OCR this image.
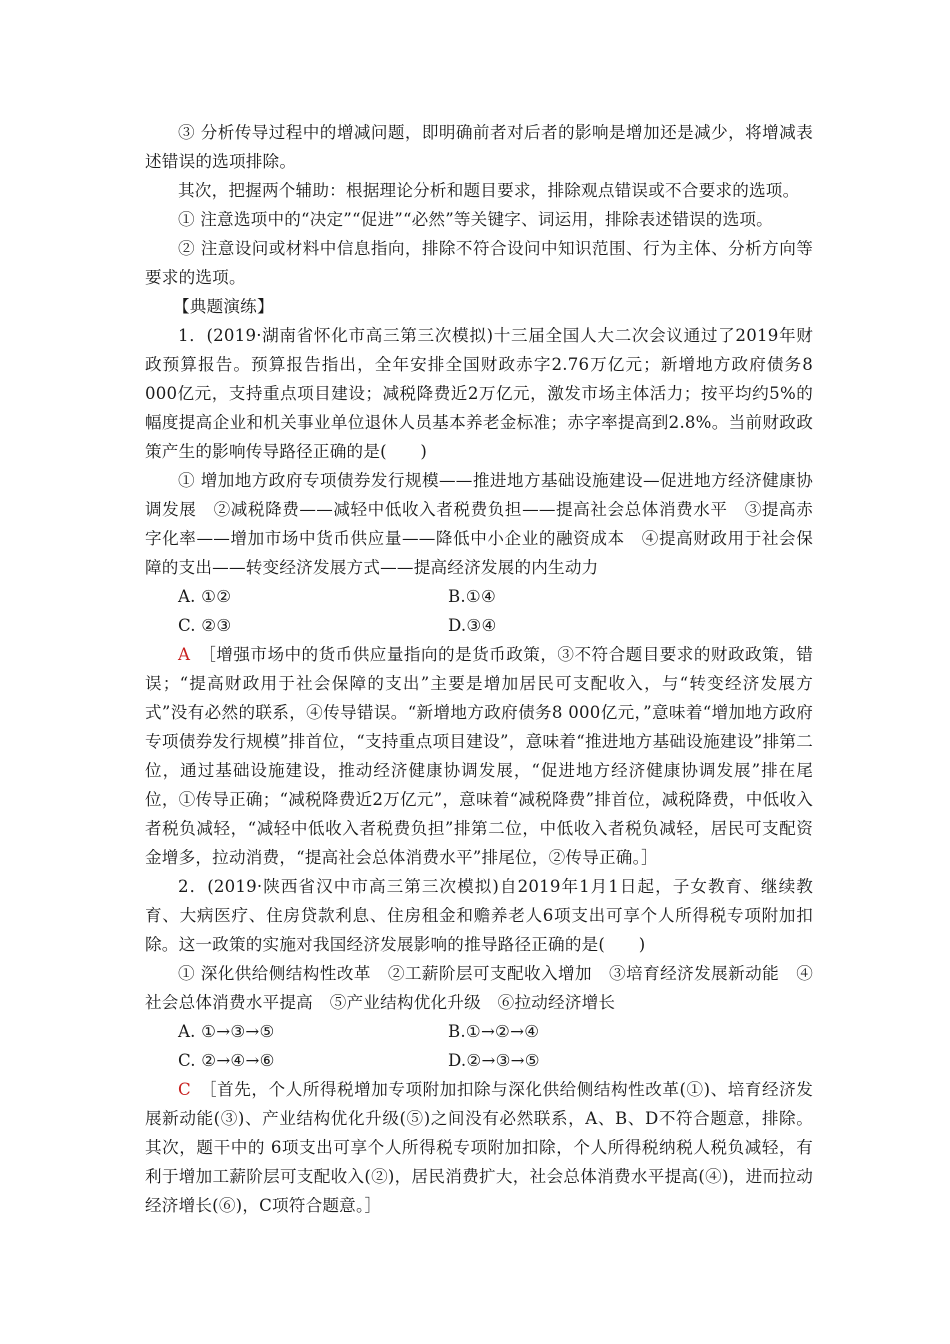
③ 分析传导过程中的增减问题，即明确前者对后者的影响是增加还是减少，将增减表述错误的选项排除。

其次，把握两个辅助：根据理论分析和题目要求，排除观点错误或不合要求的选项。

① 注意选项中的“决定”“促进”“必然”等关键字、词运用，排除表述错误的选项。

② 注意设问或材料中信息指向，排除不符合设问中知识范围、行为主体、分析方向等要求的选项。

【典题演练】

1．(2019·湖南省怀化市高三第三次模拟)十三届全国人大二次会议通过了2019年财政预算报告。预算报告指出，全年安排全国财政赤字2.76万亿元；新增地方政府债务8 000亿元，支持重点项目建设；减税降费近2万亿元，激发市场主体活力；按平均约5%的幅度提高企业和机关事业单位退休人员基本养老金标准；赤字率提高到2.8%。当前财政政策产生的影响传导路径正确的是(　　)

① 增加地方政府专项债券发行规模——推进地方基础设施建设—促进地方经济健康协调发展　②减税降费——减轻中低收入者税费负担——提高社会总体消费水平　③提高赤字化率——增加市场中货币供应量——降低中小企业的融资成本　④提高财政用于社会保障的支出——转变经济发展方式——提高经济发展的内生动力

A. ①②	B.①④
C. ②③	D.③④

A　 ［增强市场中的货币供应量指向的是货币政策，③不符合题目要求的财政政策，错误；“提高财政用于社会保障的支出”主要是增加居民可支配收入，与“转变经济发展方式”没有必然的联系，④传导错误。“新增地方政府债务8 000亿元，”意味着“增加地方政府专项债券发行规模”排首位，“支持重点项目建设”，意味着“推进地方基础设施建设”排第二位，通过基础设施建设，推动经济健康协调发展，“促进地方经济健康协调发展”排在尾位，①传导正确；“减税降费近2万亿元”，意味着“减税降费”排首位，减税降费，中低收入者税负减轻，“减轻中低收入者税费负担”排第二位，中低收入者税负减轻，居民可支配资金增多，拉动消费，“提高社会总体消费水平”排尾位，②传导正确。］

2．(2019·陕西省汉中市高三第三次模拟)自2019年1月1日起，子女教育、继续教育、大病医疗、住房贷款利息、住房租金和赡养老人6项支出可享个人所得税专项附加扣除。这一政策的实施对我国经济发展影响的推导路径正确的是(　　)

① 深化供给侧结构性改革　②工薪阶层可支配收入增加　③培育经济发展新动能　④社会总体消费水平提高　⑤产业结构优化升级　⑥拉动经济增长

A. ①→③→⑤	B.①→②→④
C. ②→④→⑥	D.②→③→⑤

C　 ［首先，个人所得税增加专项附加扣除与深化供给侧结构性改革(①)、培育经济发展新动能(③)、产业结构优化升级(⑤)之间没有必然联系，A、B、D不符合题意，排除。其次，题干中的 6项支出可享个人所得税专项附加扣除，个人所得税纳税人税负减轻，有利于增加工薪阶层可支配收入(②)，居民消费扩大，社会总体消费水平提高(④)，进而拉动经济增长(⑥)，C项符合题意。］
